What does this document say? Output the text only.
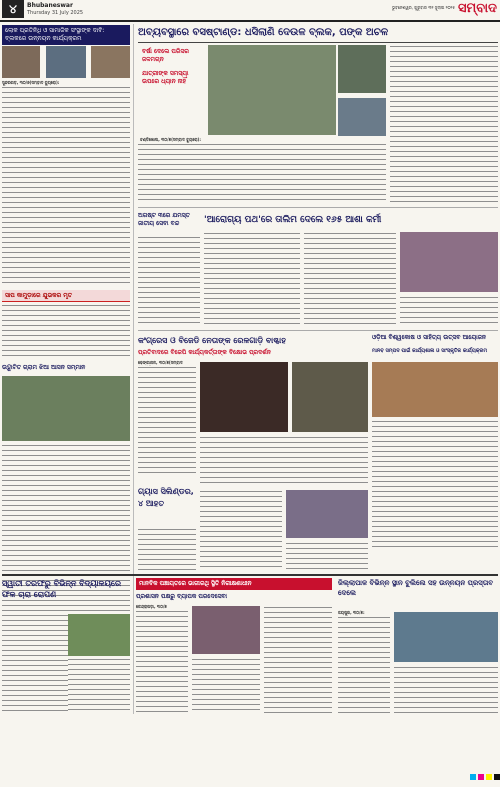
୪	Bhubaneswar
Thursday 31 July 2025
ଭୁବନେଶ୍ୱର, ଗୁରୁବାର ୩୧ ଜୁଲାଇ ୨୦୨୫ ସମ୍ବାଦ
ଲୋକ ପ୍ରତିନିଧି ଓ ସାମାଜିକ ସଂସ୍ଥାଙ୍କ ଦାବି: ବ୍ଲକରେ ଉନ୍ନୟନ କାର୍ଯ୍ୟକ୍ରମ
ସୁନ୍ଦରଗଡ଼, ୩୦/୭(ସମ୍ବାଦ ବ୍ୟୁରୋ):
ସାପ କାମୁଡ଼ାରେ ଯୁଭକର ମୃତ
ଉଦ୍ଘାଟିତ ଗ୍ରାମ ଝିଆ ଆସନ ସମ୍ମାନ
ଅବ୍ୟବସ୍ଥାରେ ବସଷ୍ଟାଣ୍ଡ: ଧସିଲାଣି ଦେଉଳ ବ୍ଲକ, ପଙ୍କ ଅଚଳ
ବର୍ଷା ଦେଲେ ପରିସର ଜଳମଗ୍ନ
ଯାତ୍ରୀଙ୍କ ସମସ୍ୟା ଉପରେ ଧ୍ୟାନ ନାହିଁ
ଚଣ୍ଡିଖୋଲ, ୩୦/୭(ସମ୍ବାଦ ବ୍ୟୁରୋ):
ଅଗଷ୍ଟ ୩ରେ ଯମସ୍ତ ଜାତୀୟ ସେବା ବନ୍ଦ	'ଆରୋଗ୍ୟ ପଥ'ରେ ତାଲିମ ଦେଲେ ୧୬୫ ଆଶା କର୍ମୀ
କଂଗ୍ରେସ ଓ ବିଜେଡି ନେତାଙ୍କ ରେଳଗାଡ଼ି ବାଗ୍ଦାହ
ପ୍ରତିବାଦରେ ବିଜେପି କାର୍ଯ୍ୟକର୍ତ୍ତାଙ୍କ ବିକ୍ଷୋଭ ପ୍ରଦର୍ଶନ
ଢେଙ୍କାନାଳ, ୩୦/୭(ସମ୍ବାଦ
ଓଡ଼ିଆ ବିଶ୍ୱକୋଷ ଓ ସାହିତ୍ୟ ଉତ୍ସବ ଆୟୋଜନ
ମାନବ ସମ୍ପଦ ପାଇଁ କାର୍ଯ୍ୟଶାଳା ଓ ସାଂସ୍କୃତିକ କାର୍ଯ୍ୟକ୍ରମ
ଗ୍ୟାସ ସିଲିଣ୍ଡର, ୪ ଆହତ
ସ୍ୱାତୀ ତରଫରୁ ବିଭିନ୍ନ ବିଦ୍ୟାଳୟରେ ଫଳ ଚାରା ରୋପଣ
ମାନବିକ ପଞ୍ଚାୟତରେ ଭାଗୀରଥି ସ୍ଥିତି ନିରୀକ୍ଷଣାଧୀନ
ପ୍ରଶାସନ ପକ୍ଷରୁ ବ୍ୟାପକ ପରଦେସେବା
କେନ୍ଦ୍ରାପଡ଼ା, ୩୦/୭
ଜିଲ୍ଲାପାଳ ବିଭିନ୍ନ ସ୍ଥାନ ବୁଲିଲେ ସହ ଉନ୍ନୟନ ପ୍ରସ୍ତାବ ଦେଲେ
ଜୟପୁର, ୩୦/୭:
